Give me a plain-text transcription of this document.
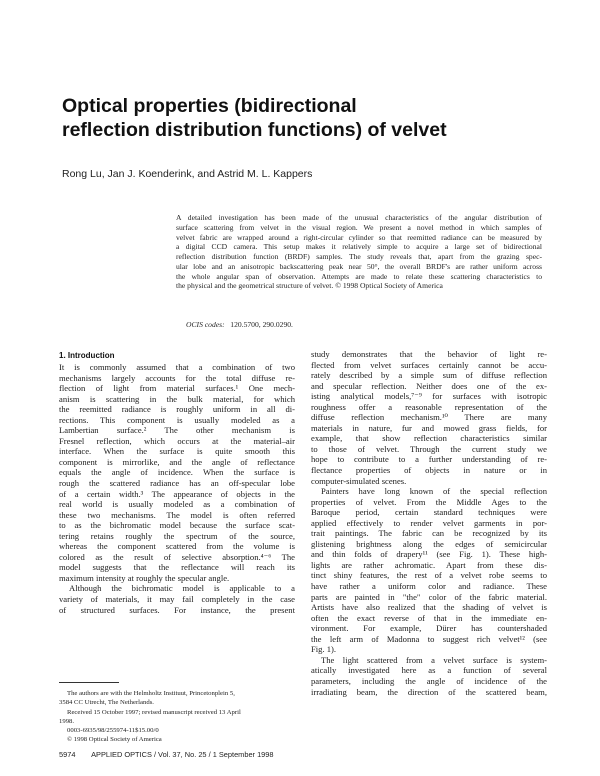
Optical properties (bidirectional
reflection distribution functions) of velvet
Rong Lu, Jan J. Koenderink, and Astrid M. L. Kappers
A detailed investigation has been made of the unusual characteristics of the angular distribution of
surface scattering from velvet in the visual region. We present a novel method in which samples of
velvet fabric are wrapped around a right-circular cylinder so that reemitted radiance can be measured by
a digital CCD camera. This setup makes it relatively simple to acquire a large set of bidirectional
reflection distribution function (BRDF) samples. The study reveals that, apart from the grazing spec-
ular lobe and an anisotropic backscattering peak near 50°, the overall BRDF's are rather uniform across
the whole angular span of observation. Attempts are made to relate these scattering characteristics to
the physical and the geometrical structure of velvet. © 1998 Optical Society of America
OCIS codes: 120.5700, 290.0290.
1. Introduction
It is commonly assumed that a combination of two
mechanisms largely accounts for the total diffuse re-
flection of light from material surfaces.¹ One mech-
anism is scattering in the bulk material, for which
the reemitted radiance is roughly uniform in all di-
rections. This component is usually modeled as a
Lambertian surface.² The other mechanism is
Fresnel reflection, which occurs at the material–air
interface. When the surface is quite smooth this
component is mirrorlike, and the angle of reflectance
equals the angle of incidence. When the surface is
rough the scattered radiance has an off-specular lobe
of a certain width.³ The appearance of objects in the
real world is usually modeled as a combination of
these two mechanisms. The model is often referred
to as the bichromatic model because the surface scat-
tering retains roughly the spectrum of the source,
whereas the component scattered from the volume is
colored as the result of selective absorption.⁴⁻⁶ The
model suggests that the reflectance will reach its
maximum intensity at roughly the specular angle.
Although the bichromatic model is applicable to a
variety of materials, it may fail completely in the case
of structured surfaces. For instance, the present
study demonstrates that the behavior of light re-
flected from velvet surfaces certainly cannot be accu-
rately described by a simple sum of diffuse reflection
and specular reflection. Neither does one of the ex-
isting analytical models,⁷⁻⁹ for surfaces with isotropic
roughness offer a reasonable representation of the
diffuse reflection mechanism.¹⁰ There are many
materials in nature, fur and mowed grass fields, for
example, that show reflection characteristics similar
to those of velvet. Through the current study we
hope to contribute to a further understanding of re-
flectance properties of objects in nature or in
computer-simulated scenes.
Painters have long known of the special reflection
properties of velvet. From the Middle Ages to the
Baroque period, certain standard techniques were
applied effectively to render velvet garments in por-
trait paintings. The fabric can be recognized by its
glistening brightness along the edges of semicircular
and thin folds of drapery¹¹ (see Fig. 1). These high-
lights are rather achromatic. Apart from these dis-
tinct shiny features, the rest of a velvet robe seems to
have rather a uniform color and radiance. These
parts are painted in "the" color of the fabric material.
Artists have also realized that the shading of velvet is
often the exact reverse of that in the immediate en-
vironment. For example, Dürer has countershaded
the left arm of Madonna to suggest rich velvet¹² (see
Fig. 1).
The light scattered from a velvet surface is system-
atically investigated here as a function of several
parameters, including the angle of incidence of the
irradiating beam, the direction of the scattered beam,
The authors are with the Helmholtz Instituut, Princetonplein 5,
3584 CC Utrecht, The Netherlands.
Received 15 October 1997; revised manuscript received 13 April
1998.
0003-6935/98/255974-11$15.00/0
© 1998 Optical Society of America
5974 APPLIED OPTICS / Vol. 37, No. 25 / 1 September 1998
